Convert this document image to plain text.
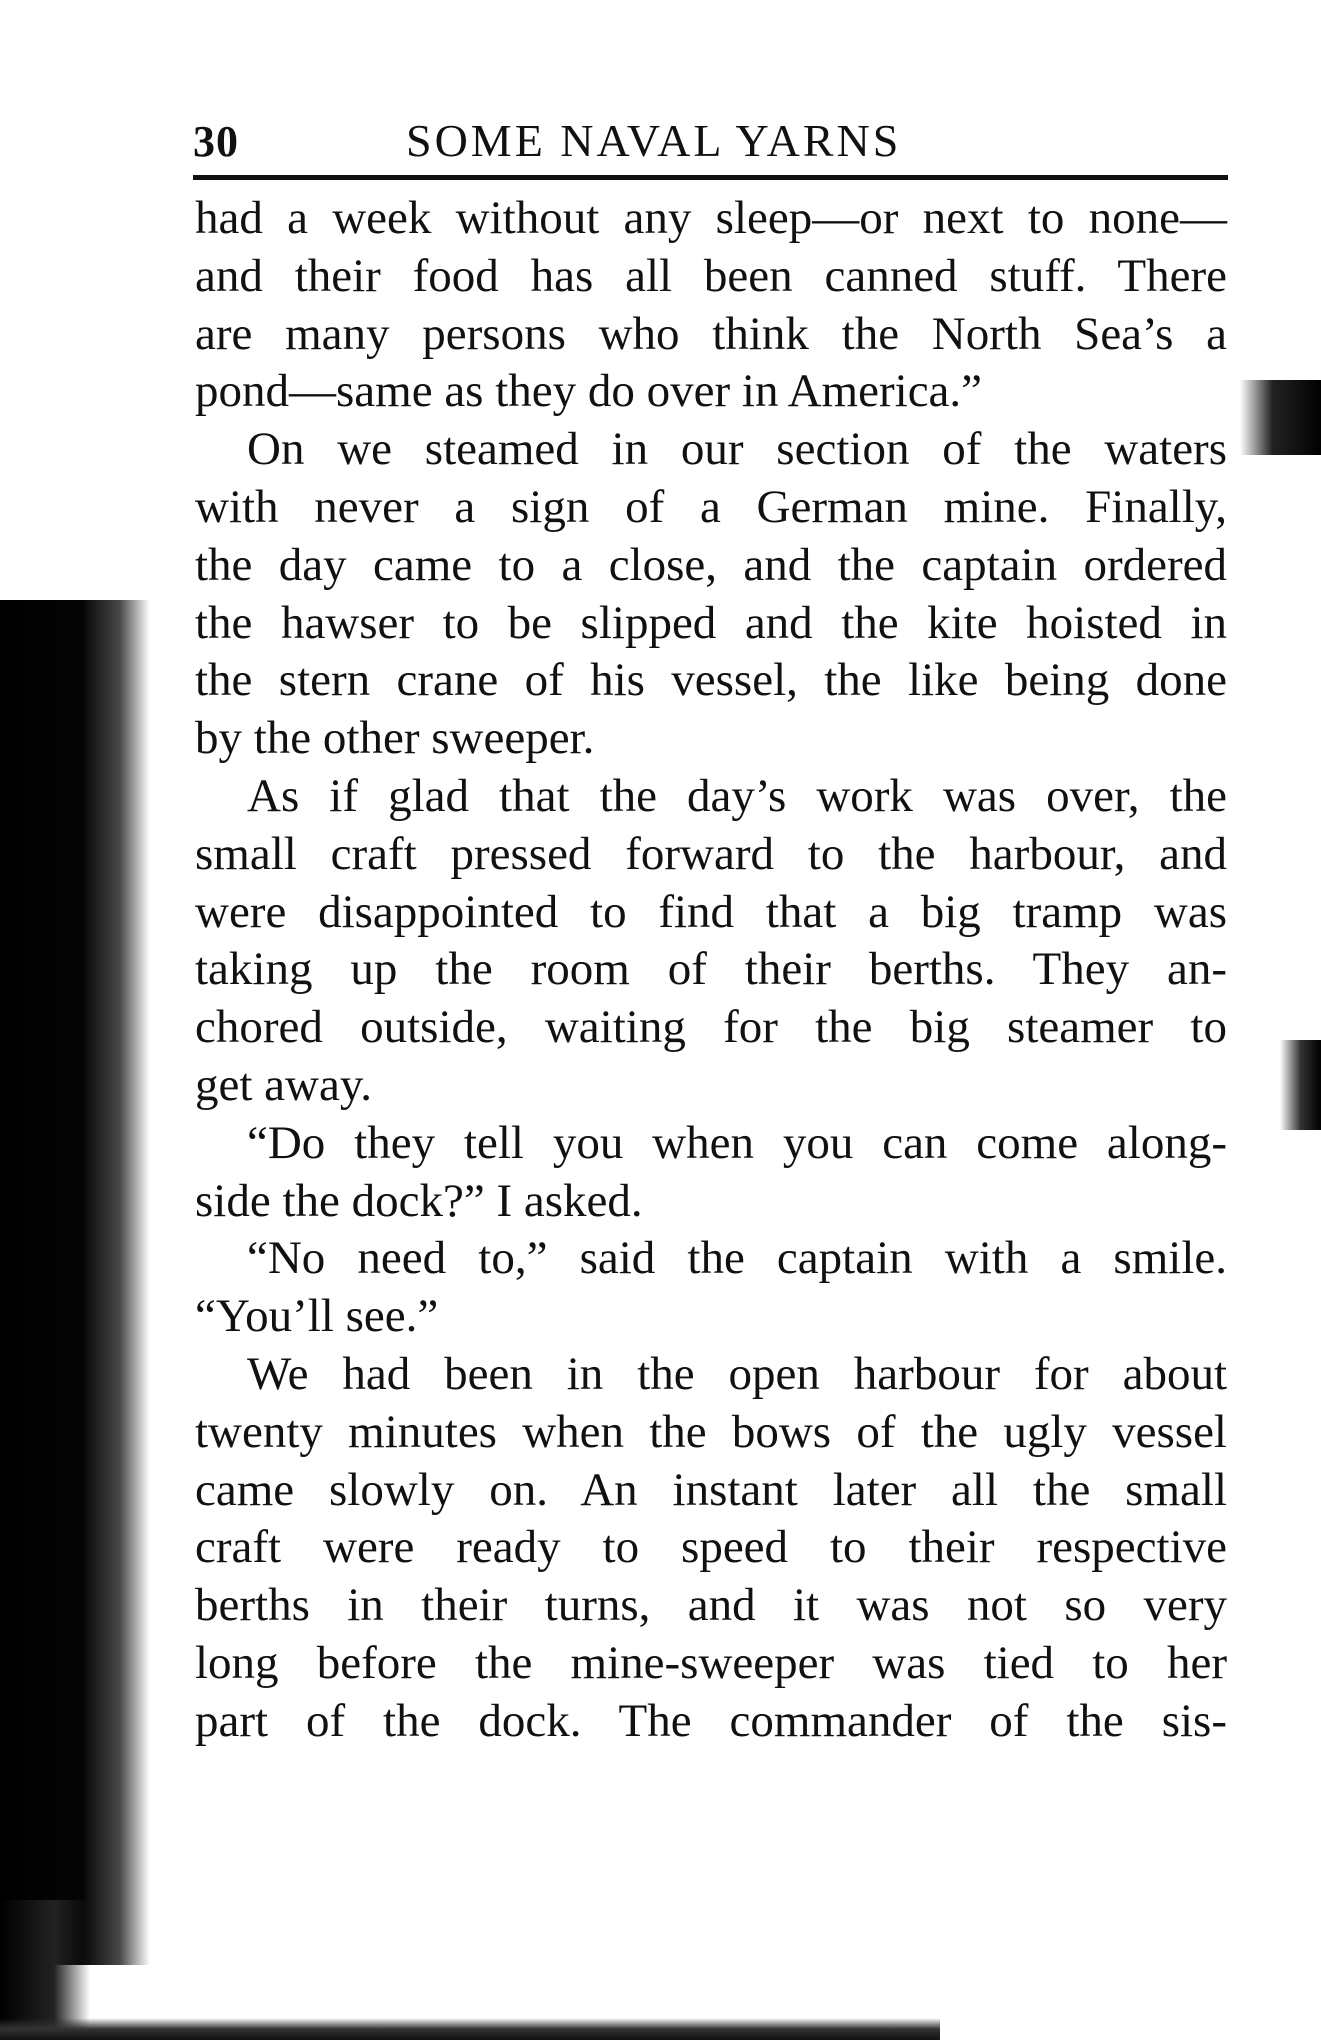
30	SOME NAVAL YARNS
had a week without any sleep—or next to none—
and their food has all been canned stuff. There
are many persons who think the North Sea’s a
pond—same as they do over in America.”
On we steamed in our section of the waters
with never a sign of a German mine. Finally,
the day came to a close, and the captain ordered
the hawser to be slipped and the kite hoisted in
the stern crane of his vessel, the like being done
by the other sweeper.
As if glad that the day’s work was over, the
small craft pressed forward to the harbour, and
were disappointed to find that a big tramp was
taking up the room of their berths. They an-
chored outside, waiting for the big steamer to
get away.
“Do they tell you when you can come along-
side the dock?” I asked.
“No need to,” said the captain with a smile.
“You’ll see.”
We had been in the open harbour for about
twenty minutes when the bows of the ugly vessel
came slowly on. An instant later all the small
craft were ready to speed to their respective
berths in their turns, and it was not so very
long before the mine-sweeper was tied to her
part of the dock. The commander of the sis-
